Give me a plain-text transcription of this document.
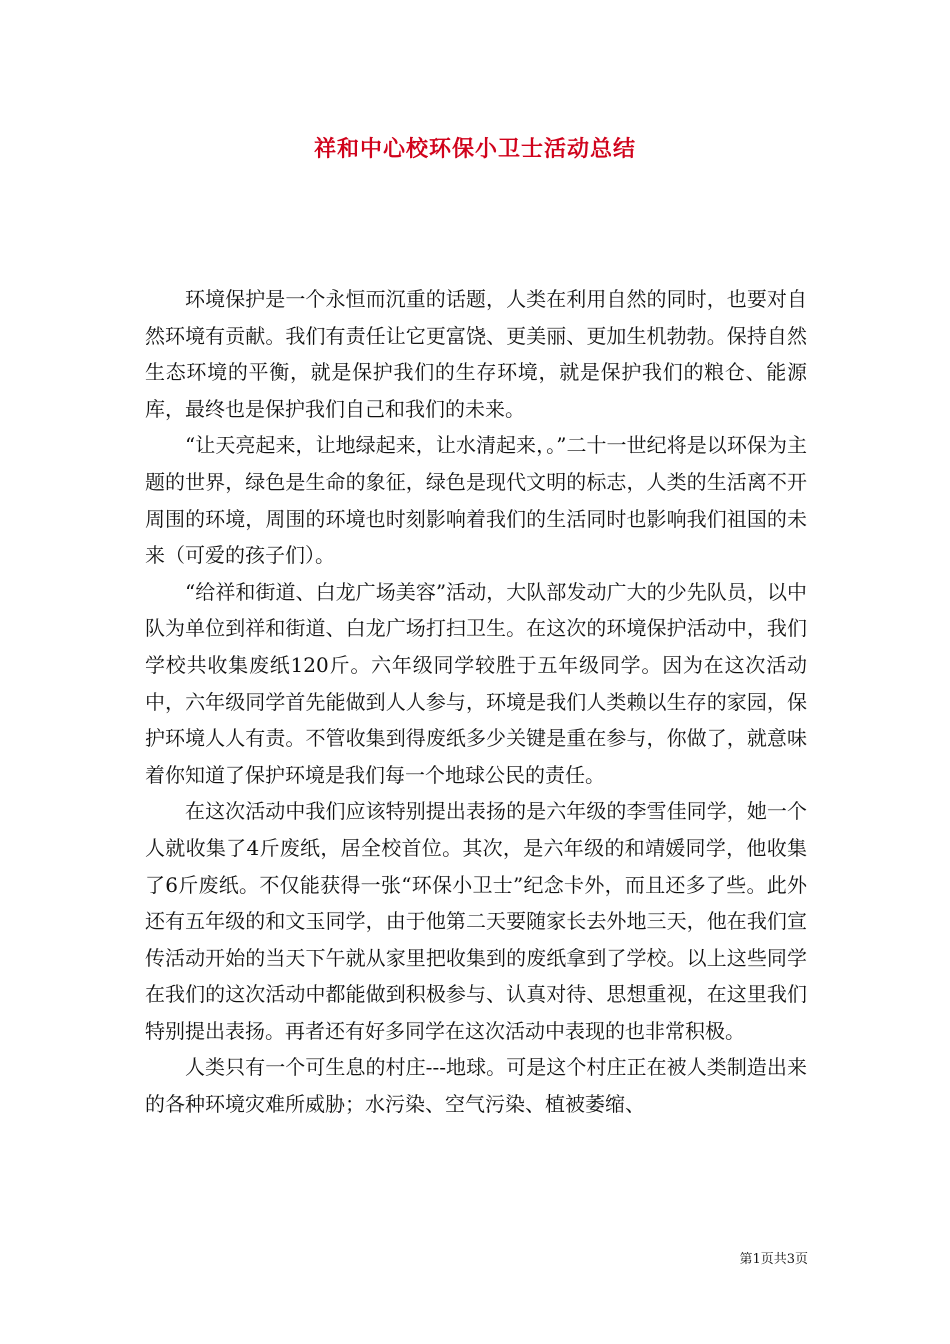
祥和中心校环保小卫士活动总结

环境保护是一个永恒而沉重的话题，人类在利用自然的同时，也要对自然环境有贡献。我们有责任让它更富饶、更美丽、更加生机勃勃。保持自然生态环境的平衡，就是保护我们的生存环境，就是保护我们的粮仓、能源库，最终也是保护我们自己和我们的未来。

“让天亮起来，让地绿起来，让水清起来，。”二十一世纪将是以环保为主题的世界，绿色是生命的象征，绿色是现代文明的标志，人类的生活离不开周围的环境，周围的环境也时刻影响着我们的生活同时也影响我们祖国的未来（可爱的孩子们）。

“给祥和街道、白龙广场美容”活动，大队部发动广大的少先队员，以中队为单位到祥和街道、白龙广场打扫卫生。在这次的环境保护活动中，我们学校共收集废纸120斤。六年级同学较胜于五年级同学。因为在这次活动中，六年级同学首先能做到人人参与，环境是我们人类赖以生存的家园，保护环境人人有责。不管收集到得废纸多少关键是重在参与，你做了，就意味着你知道了保护环境是我们每一个地球公民的责任。

在这次活动中我们应该特别提出表扬的是六年级的李雪佳同学，她一个人就收集了4斤废纸，居全校首位。其次，是六年级的和靖媛同学，他收集了6斤废纸。不仅能获得一张“环保小卫士”纪念卡外，而且还多了些。此外还有五年级的和文玉同学，由于他第二天要随家长去外地三天，他在我们宣传活动开始的当天下午就从家里把收集到的废纸拿到了学校。以上这些同学在我们的这次活动中都能做到积极参与、认真对待、思想重视，在这里我们特别提出表扬。再者还有好多同学在这次活动中表现的也非常积极。

人类只有一个可生息的村庄---地球。可是这个村庄正在被人类制造出来的各种环境灾难所威胁；水污染、空气污染、植被萎缩、

第1页共3页
